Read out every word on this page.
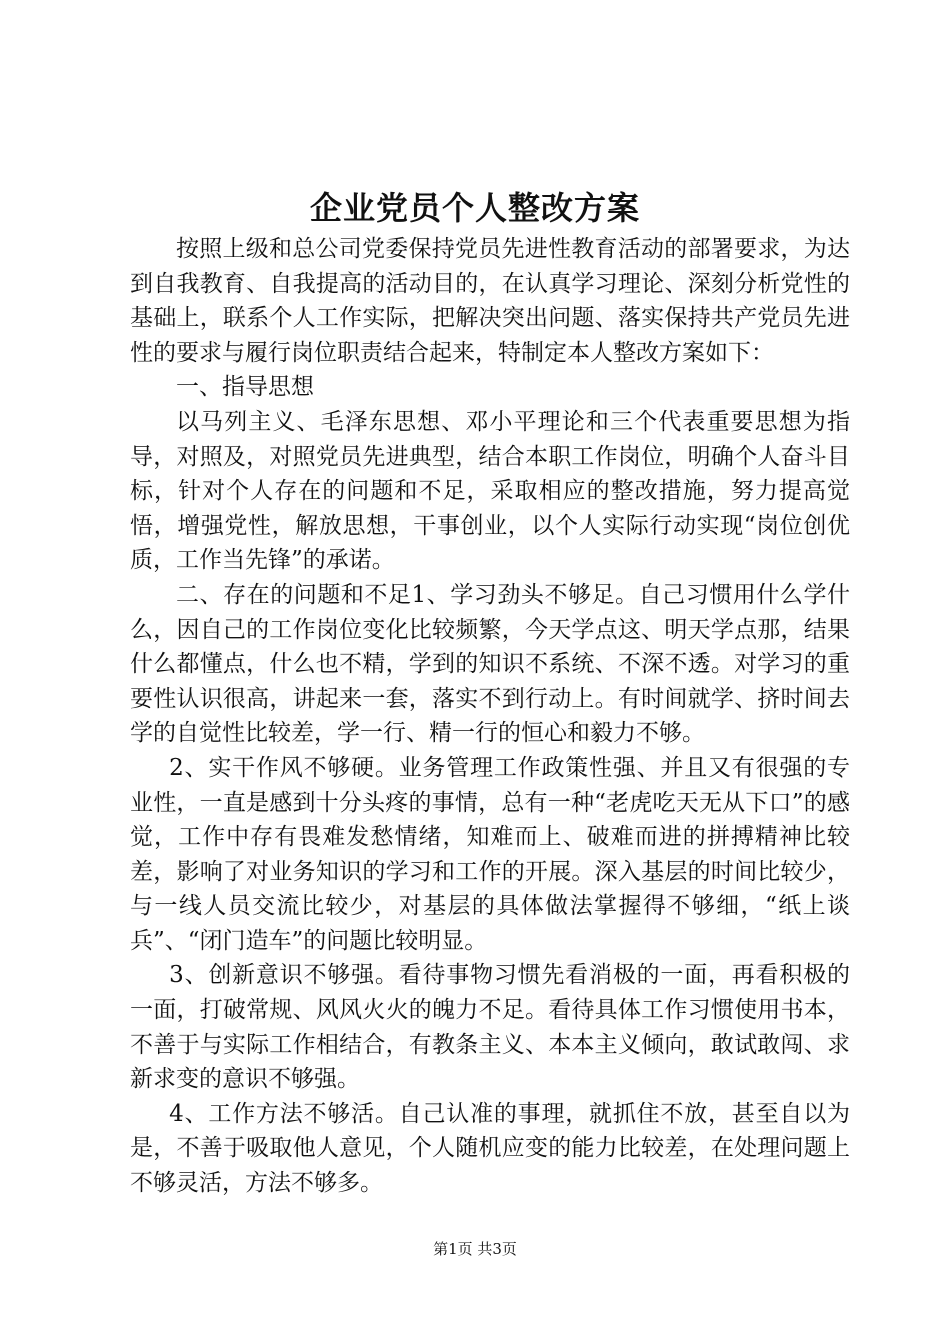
企业党员个人整改方案

按照上级和总公司党委保持党员先进性教育活动的部署要求，为达到自我教育、自我提高的活动目的，在认真学习理论、深刻分析党性的基础上，联系个人工作实际，把解决突出问题、落实保持共产党员先进性的要求与履行岗位职责结合起来，特制定本人整改方案如下：

一、指导思想

以马列主义、毛泽东思想、邓小平理论和三个代表重要思想为指导，对照及，对照党员先进典型，结合本职工作岗位，明确个人奋斗目标，针对个人存在的问题和不足，采取相应的整改措施，努力提高觉悟，增强党性，解放思想，干事创业，以个人实际行动实现“岗位创优质，工作当先锋”的承诺。

二、存在的问题和不足1、学习劲头不够足。自己习惯用什么学什么，因自己的工作岗位变化比较频繁，今天学点这、明天学点那，结果什么都懂点，什么也不精，学到的知识不系统、不深不透。对学习的重要性认识很高，讲起来一套，落实不到行动上。有时间就学、挤时间去学的自觉性比较差，学一行、精一行的恒心和毅力不够。

2、实干作风不够硬。业务管理工作政策性强、并且又有很强的专业性，一直是感到十分头疼的事情，总有一种“老虎吃天无从下口”的感觉，工作中存有畏难发愁情绪，知难而上、破难而进的拼搏精神比较差，影响了对业务知识的学习和工作的开展。深入基层的时间比较少，与一线人员交流比较少，对基层的具体做法掌握得不够细，“纸上谈兵”、“闭门造车”的问题比较明显。

3、创新意识不够强。看待事物习惯先看消极的一面，再看积极的一面，打破常规、风风火火的魄力不足。看待具体工作习惯使用书本，不善于与实际工作相结合，有教条主义、本本主义倾向，敢试敢闯、求新求变的意识不够强。

4、工作方法不够活。自己认准的事理，就抓住不放，甚至自以为是，不善于吸取他人意见，个人随机应变的能力比较差，在处理问题上不够灵活，方法不够多。

第1页 共3页
